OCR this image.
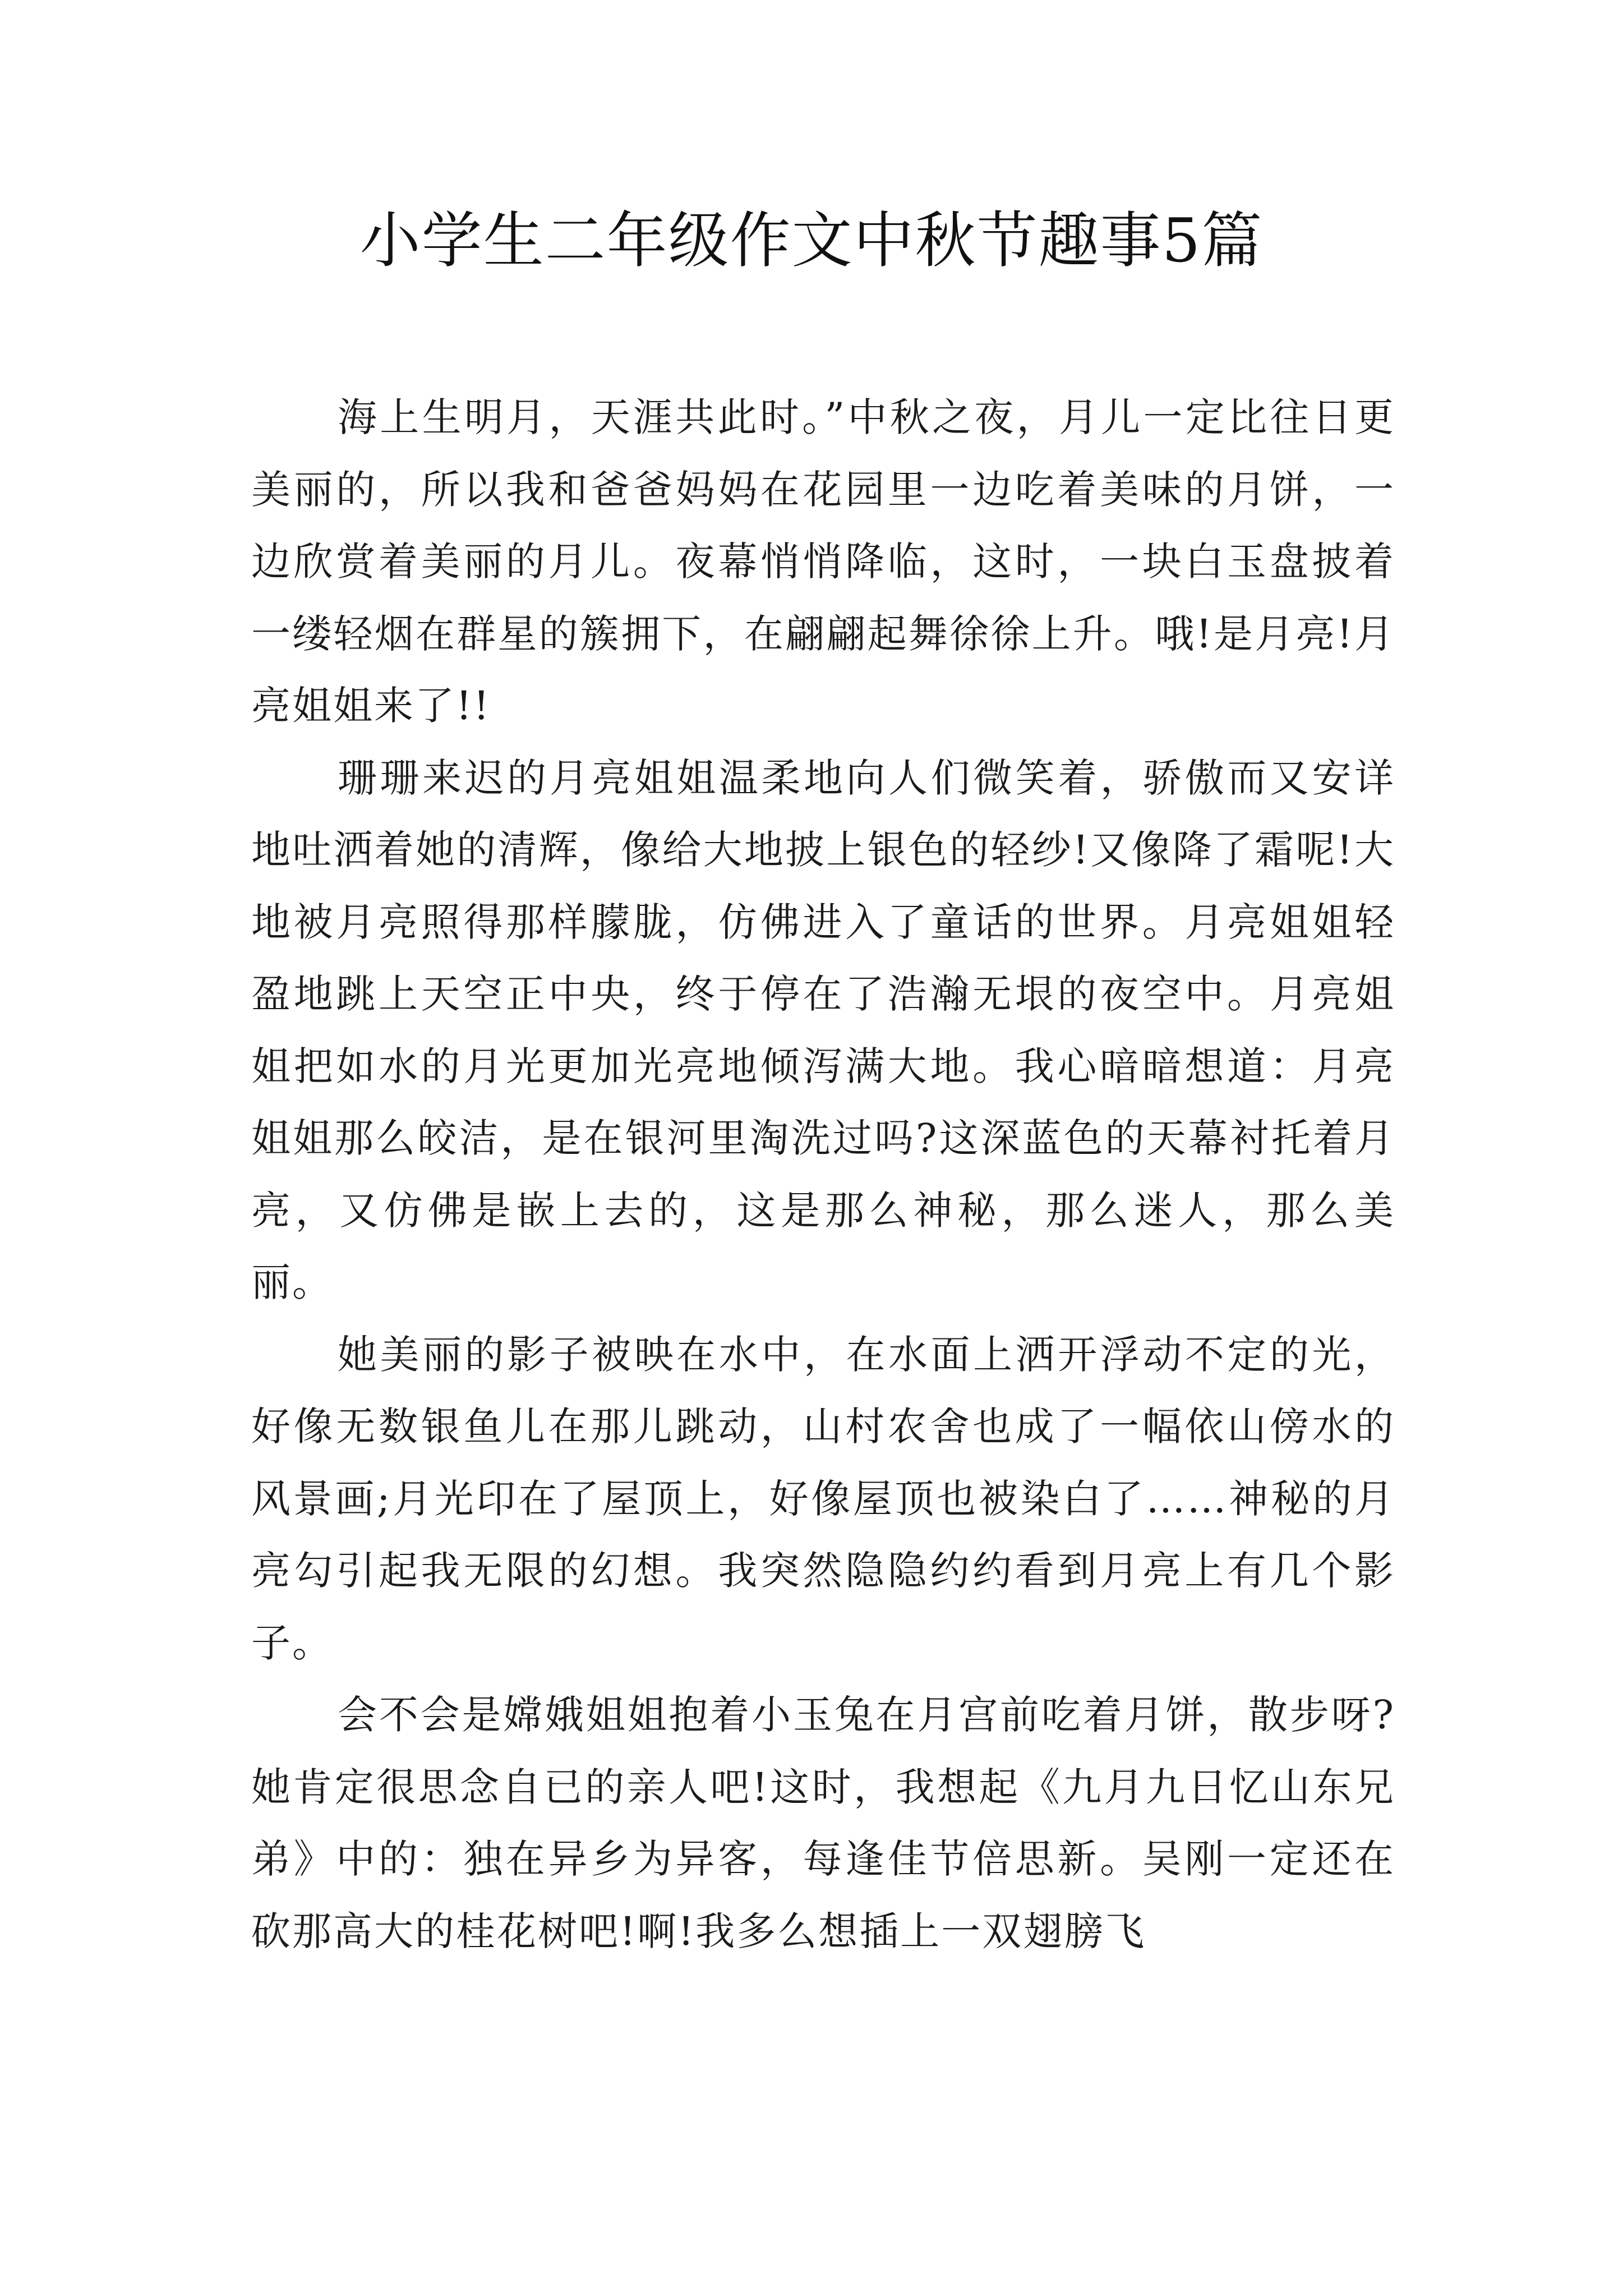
小学生二年级作文中秋节趣事5篇

海上生明月，天涯共此时。”中秋之夜，月儿一定比往日更美丽的，所以我和爸爸妈妈在花园里一边吃着美味的月饼，一边欣赏着美丽的月儿。夜幕悄悄降临，这时，一块白玉盘披着一缕轻烟在群星的簇拥下，在翩翩起舞徐徐上升。哦!是月亮!月亮姐姐来了!!

珊珊来迟的月亮姐姐温柔地向人们微笑着，骄傲而又安详地吐洒着她的清辉，像给大地披上银色的轻纱!又像降了霜呢!大地被月亮照得那样朦胧，仿佛进入了童话的世界。月亮姐姐轻盈地跳上天空正中央，终于停在了浩瀚无垠的夜空中。月亮姐姐把如水的月光更加光亮地倾泻满大地。我心暗暗想道：月亮姐姐那么皎洁，是在银河里淘洗过吗?这深蓝色的天幕衬托着月亮，又仿佛是嵌上去的，这是那么神秘，那么迷人，那么美丽。

她美丽的影子被映在水中，在水面上洒开浮动不定的光，好像无数银鱼儿在那儿跳动，山村农舍也成了一幅依山傍水的风景画;月光印在了屋顶上，好像屋顶也被染白了……神秘的月亮勾引起我无限的幻想。我突然隐隐约约看到月亮上有几个影子。

会不会是嫦娥姐姐抱着小玉兔在月宫前吃着月饼，散步呀?她肯定很思念自已的亲人吧!这时，我想起《九月九日忆山东兄弟》中的：独在异乡为异客，每逢佳节倍思新。吴刚一定还在砍那高大的桂花树吧!啊!我多么想插上一双翅膀飞
